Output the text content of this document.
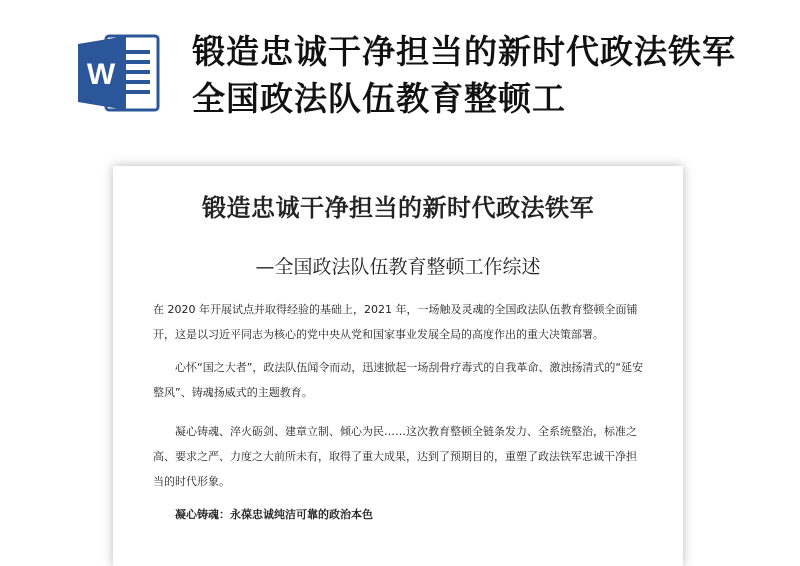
W
锻造忠诚干净担当的新时代政法铁军 全国政法队伍教育整顿工
锻造忠诚干净担当的新时代政法铁军
—全国政法队伍教育整顿工作综述

在 2020 年开展试点并取得经验的基础上，2021 年，一场触及灵魂的全国政法队伍教育整顿全面铺开，这是以习近平同志为核心的党中央从党和国家事业发展全局的高度作出的重大决策部署。

心怀“国之大者”，政法队伍闻令而动，迅速掀起一场刮骨疗毒式的自我革命、激浊扬清式的“延安整风”、铸魂扬威式的主题教育。

凝心铸魂、淬火砺剑、建章立制、倾心为民……这次教育整顿全链条发力、全系统整治，标准之高、要求之严、力度之大前所未有，取得了重大成果，达到了预期目的，重塑了政法铁军忠诚干净担当的时代形象。

凝心铸魂：永葆忠诚纯洁可靠的政治本色
